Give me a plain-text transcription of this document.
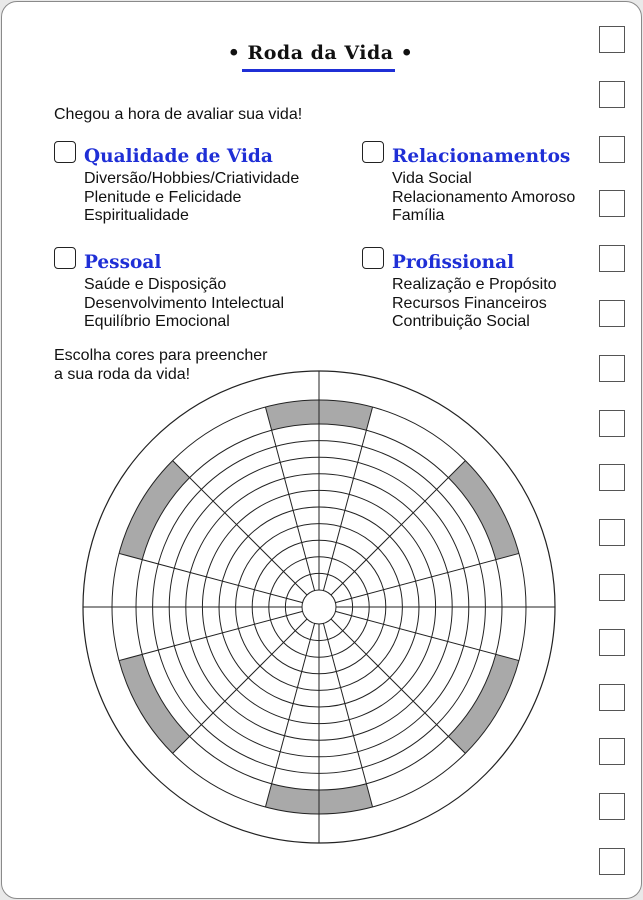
• Roda da Vida •
Chegou a hora de avaliar sua vida!
Qualidade de Vida
Diversão/Hobbies/Criatividade
Plenitude e Felicidade
Espiritualidade
Relacionamentos
Vida Social
Relacionamento Amoroso
Família
Pessoal
Saúde e Disposição
Desenvolvimento Intelectual
Equilíbrio Emocional
Profissional
Realização e Propósito
Recursos Financeiros
Contribuição Social
Escolha cores para preencher
a sua roda da vida!
